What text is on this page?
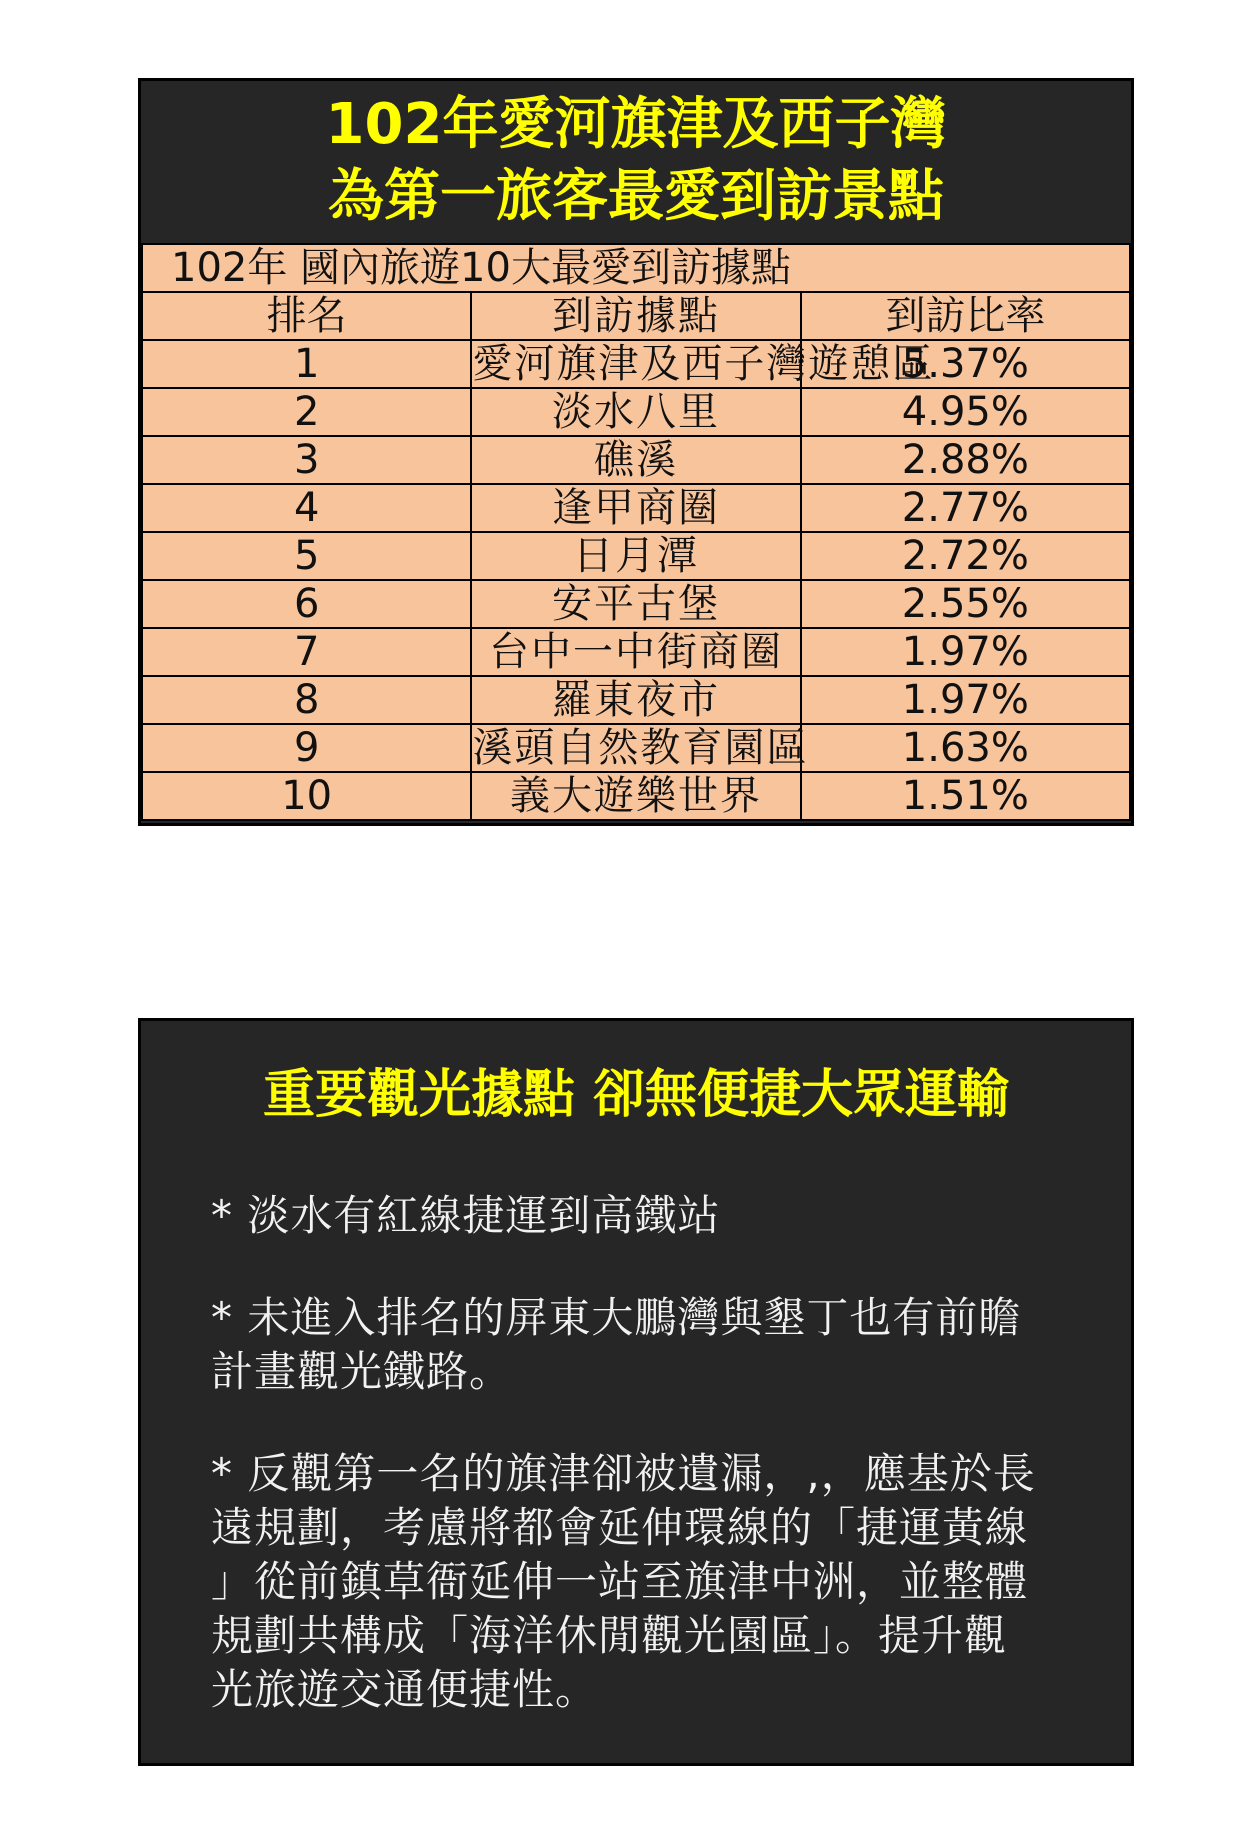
102年愛河旗津及西子灣
為第一旅客最愛到訪景點
102年 國內旅遊10大最愛到訪據點		
排名	到訪據點	到訪比率
1	愛河旗津及西子灣遊憩區	5.37%
2	淡水八里	4.95%
3	礁溪	2.88%
4	逢甲商圈	2.77%
5	日月潭	2.72%
6	安平古堡	2.55%
7	台中一中街商圈	1.97%
8	羅東夜市	1.97%
9	溪頭自然教育園區	1.63%
10	義大遊樂世界	1.51%
重要觀光據點 卻無便捷大眾運輸
* 淡水有紅線捷運到高鐵站
* 未進入排名的屏東大鵬灣與墾丁也有前瞻
計畫觀光鐵路。
* 反觀第一名的旗津卻被遺漏，,，應基於長
遠規劃，考慮將都會延伸環線的「捷運黃線
」從前鎮草衙延伸一站至旗津中洲，並整體
規劃共構成「海洋休閒觀光園區」。提升觀
光旅遊交通便捷性。
